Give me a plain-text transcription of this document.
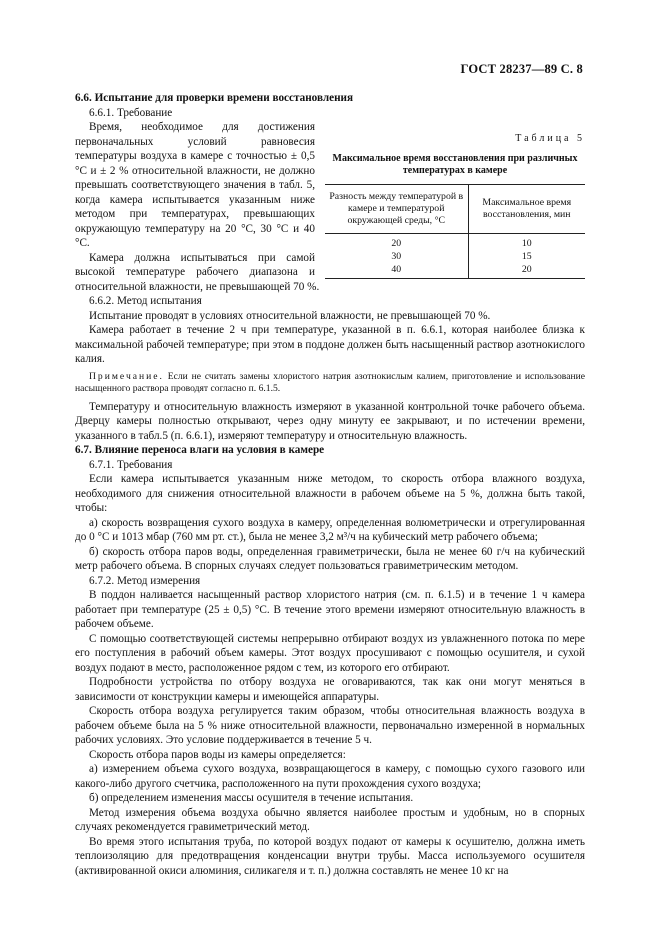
ГОСТ 28237—89 С. 8

6.6. Испытание для проверки времени восстановления

6.6.1. Требование

Таблица 5
Максимальное время восстановления при различных температурах в камере
Разность между температурой в камере и температурой окружающей среды, °С	Максимальное время восстановления, мин
20	10
30	15
40	20

Время, необходимое для достижения первоначальных условий равновесия температуры воздуха в камере с точностью ± 0,5 °С и ± 2 % относительной влажности, не должно превышать соответствующего значения в табл. 5, когда камера испытывается указанным ниже методом при температурах, превышающих окружающую температуру на 20 °С, 30 °С и 40 °С.

Камера должна испытываться при самой высокой температуре рабочего диапазона и относительной влажности, не превышающей 70 %.

6.6.2. Метод испытания

Испытание проводят в условиях относительной влажности, не превышающей 70 %.

Камера работает в течение 2 ч при температуре, указанной в п. 6.6.1, которая наиболее близка к максимальной рабочей температуре; при этом в поддоне должен быть насыщенный раствор азотнокислого калия.

Примечание. Если не считать замены хлористого натрия азотнокислым калием, приготовление и использование насыщенного раствора проводят согласно п. 6.1.5.

Температуру и относительную влажность измеряют в указанной контрольной точке рабочего объема. Дверцу камеры полностью открывают, через одну минуту ее закрывают, и по истечении времени, указанного в табл.5 (п. 6.6.1), измеряют температуру и относительную влажность.

6.7. Влияние переноса влаги на условия в камере

6.7.1. Требования

Если камера испытывается указанным ниже методом, то скорость отбора влажного воздуха, необходимого для снижения относительной влажности в рабочем объеме на 5 %, должна быть такой, чтобы:

а) скорость возвращения сухого воздуха в камеру, определенная волюметрически и отрегулированная до 0 °С и 1013 мбар (760 мм рт. ст.), была не менее 3,2 м³/ч на кубический метр рабочего объема;

б) скорость отбора паров воды, определенная гравиметрически, была не менее 60 г/ч на кубический метр рабочего объема. В спорных случаях следует пользоваться гравиметрическим методом.

6.7.2. Метод измерения

В поддон наливается насыщенный раствор хлористого натрия (см. п. 6.1.5) и в течение 1 ч камера работает при температуре (25 ± 0,5) °С. В течение этого времени измеряют относительную влажность в рабочем объеме.

С помощью соответствующей системы непрерывно отбирают воздух из увлажненного потока по мере его поступления в рабочий объем камеры. Этот воздух просушивают с помощью осушителя, и сухой воздух подают в место, расположенное рядом с тем, из которого его отбирают.

Подробности устройства по отбору воздуха не оговариваются, так как они могут меняться в зависимости от конструкции камеры и имеющейся аппаратуры.

Скорость отбора воздуха регулируется таким образом, чтобы относительная влажность воздуха в рабочем объеме была на 5 % ниже относительной влажности, первоначально измеренной в нормальных рабочих условиях. Это условие поддерживается в течение 5 ч.

Скорость отбора паров воды из камеры определяется:

а) измерением объема сухого воздуха, возвращающегося в камеру, с помощью сухого газового или какого-либо другого счетчика, расположенного на пути прохождения сухого воздуха;

б) определением изменения массы осушителя в течение испытания.

Метод измерения объема воздуха обычно является наиболее простым и удобным, но в спорных случаях рекомендуется гравиметрический метод.

Во время этого испытания труба, по которой воздух подают от камеры к осушителю, должна иметь теплоизоляцию для предотвращения конденсации внутри трубы. Масса используемого осушителя (активированной окиси алюминия, силикагеля и т. п.) должна составлять не менее 10 кг на
